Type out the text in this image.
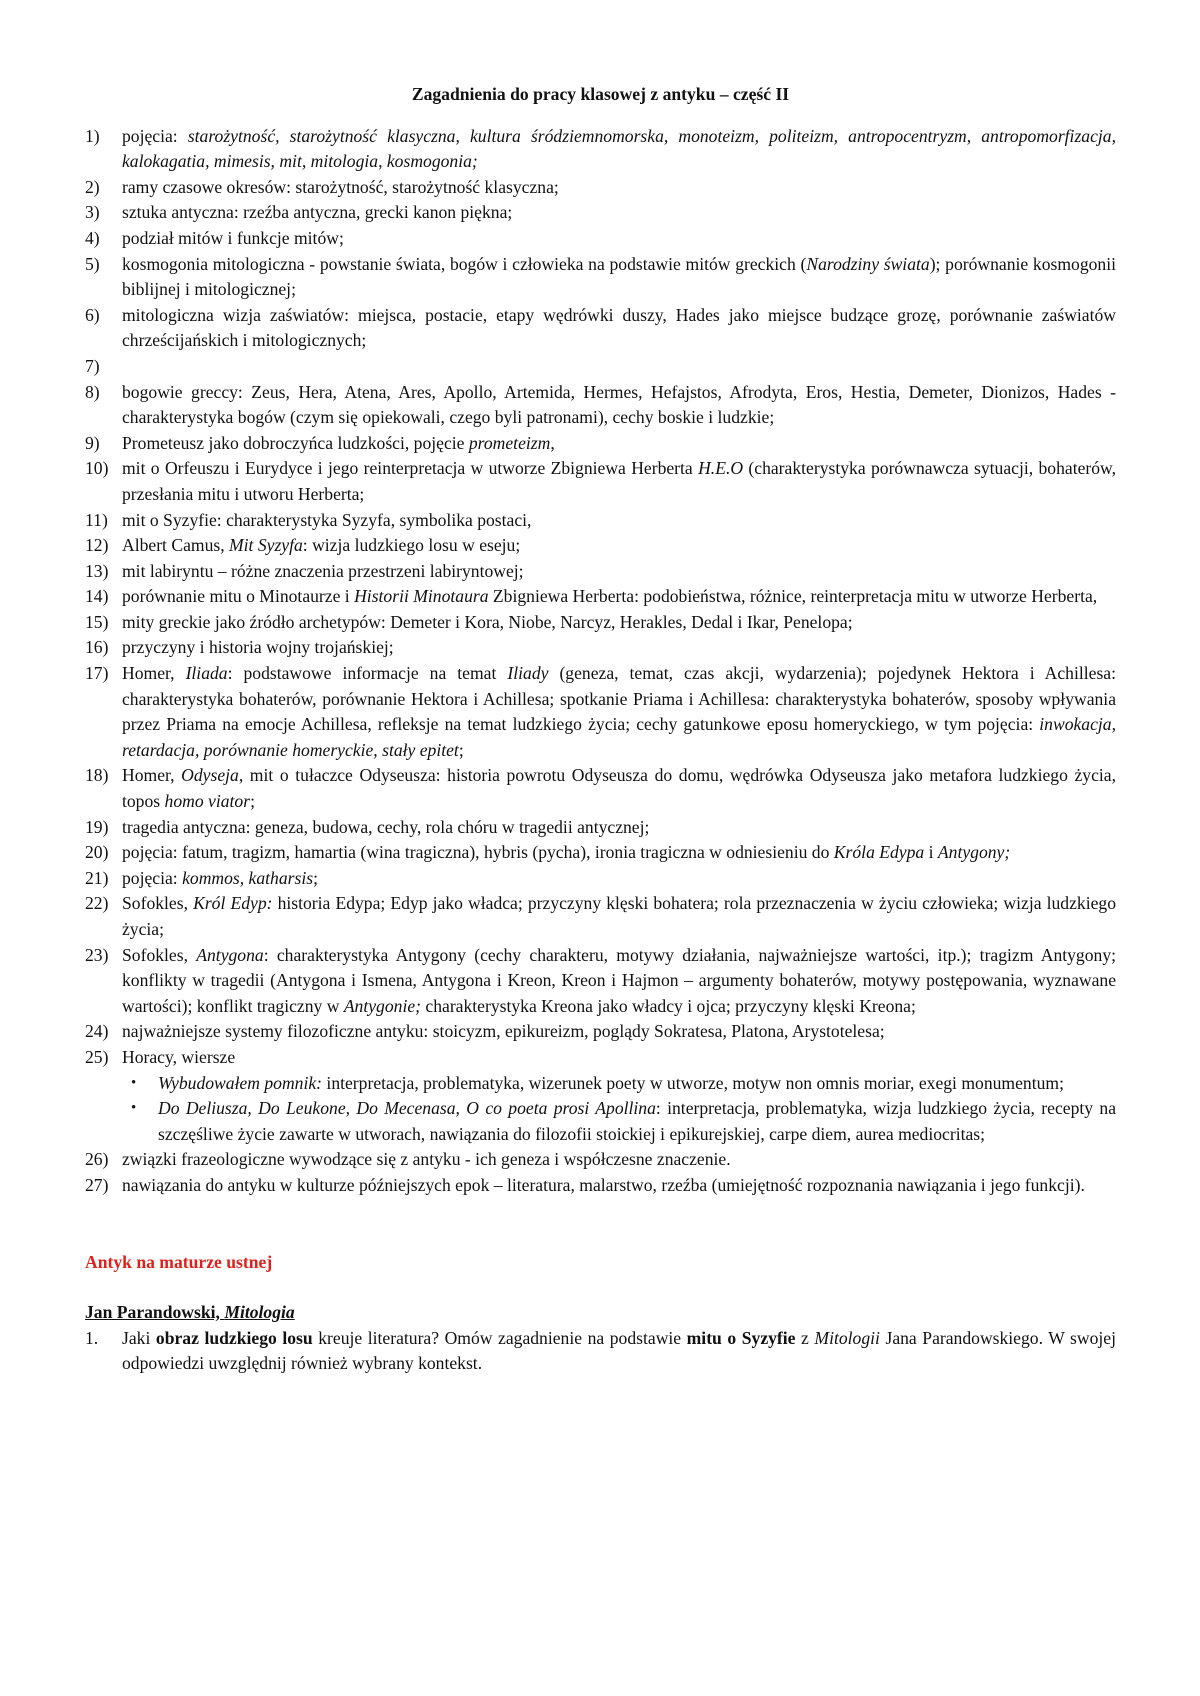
Zagadnienia do pracy klasowej z antyku – część II
1) pojęcia: starożytność, starożytność klasyczna, kultura śródziemnomorska, monoteizm, politeizm, antropocentryzm, antropomorfizacja, kalokagatia, mimesis, mit, mitologia, kosmogonia;
2) ramy czasowe okresów: starożytność, starożytność klasyczna;
3) sztuka antyczna: rzeźba antyczna, grecki kanon piękna;
4) podział mitów i funkcje mitów;
5) kosmogonia mitologiczna - powstanie świata, bogów i człowieka na podstawie mitów greckich (Narodziny świata); porównanie kosmogonii biblijnej i mitologicznej;
6) mitologiczna wizja zaświatów: miejsca, postacie, etapy wędrówki duszy, Hades jako miejsce budzące grozę, porównanie zaświatów chrześcijańskich i mitologicznych;
7)
8) bogowie greccy: Zeus, Hera, Atena, Ares, Apollo, Artemida, Hermes, Hefajstos, Afrodyta, Eros, Hestia, Demeter, Dionizos, Hades - charakterystyka bogów (czym się opiekowali, czego byli patronami), cechy boskie i ludzkie;
9) Prometeusz jako dobroczyńca ludzkości, pojęcie prometeizm,
10) mit o Orfeuszu i Eurydyce i jego reinterpretacja w utworze Zbigniewa Herberta H.E.O (charakterystyka porównawcza sytuacji, bohaterów, przesłania mitu i utworu Herberta;
11) mit o Syzyfie: charakterystyka Syzyfa, symbolika postaci,
12) Albert Camus, Mit Syzyfa: wizja ludzkiego losu w eseju;
13) mit labiryntu – różne znaczenia przestrzeni labiryntowej;
14) porównanie mitu o Minotaurze i Historii Minotaura Zbigniewa Herberta: podobieństwa, różnice, reinterpretacja mitu w utworze Herberta,
15) mity greckie jako źródło archetypów: Demeter i Kora, Niobe, Narcyz, Herakles, Dedal i Ikar, Penelopa;
16) przyczyny i historia wojny trojańskiej;
17) Homer, Iliada: podstawowe informacje na temat Iliady (geneza, temat, czas akcji, wydarzenia); pojedynek Hektora i Achillesa: charakterystyka bohaterów, porównanie Hektora i Achillesa; spotkanie Priama i Achillesa: charakterystyka bohaterów, sposoby wpływania przez Priama na emocje Achillesa, refleksje na temat ludzkiego życia; cechy gatunkowe eposu homeryckiego, w tym pojęcia: inwokacja, retardacja, porównanie homeryckie, stały epitet;
18) Homer, Odyseja, mit o tułaczce Odyseusza: historia powrotu Odyseusza do domu, wędrówka Odyseusza jako metafora ludzkiego życia, topos homo viator;
19) tragedia antyczna: geneza, budowa, cechy, rola chóru w tragedii antycznej;
20) pojęcia: fatum, tragizm, hamartia (wina tragiczna), hybris (pycha), ironia tragiczna w odniesieniu do Króla Edypa i Antygony;
21) pojęcia: kommos, katharsis;
22) Sofokles, Król Edyp: historia Edypa; Edyp jako władca; przyczyny klęski bohatera; rola przeznaczenia w życiu człowieka; wizja ludzkiego życia;
23) Sofokles, Antygona: charakterystyka Antygony (cechy charakteru, motywy działania, najważniejsze wartości, itp.); tragizm Antygony; konflikty w tragedii (Antygona i Ismena, Antygona i Kreon, Kreon i Hajmon – argumenty bohaterów, motywy postępowania, wyznawane wartości); konflikt tragiczny w Antygonie; charakterystyka Kreona jako władcy i ojca; przyczyny klęski Kreona;
24) najważniejsze systemy filozoficzne antyku: stoicyzm, epikureizm, poglądy Sokratesa, Platona, Arystotelesa;
25) Horacy, wiersze
• Wybudowałem pomnik: interpretacja, problematyka, wizerunek poety w utworze, motyw non omnis moriar, exegi monumentum;
• Do Deliusza, Do Leukone, Do Mecenasa, O co poeta prosi Apollina: interpretacja, problematyka, wizja ludzkiego życia, recepty na szczęśliwe życie zawarte w utworach, nawiązania do filozofii stoickiej i epikurejskiej, carpe diem, aurea mediocritas;
26) związki frazeologiczne wywodzące się z antyku - ich geneza i współczesne znaczenie.
27) nawiązania do antyku w kulturze późniejszych epok – literatura, malarstwo, rzeźba (umiejętność rozpoznania nawiązania i jego funkcji).
Antyk na maturze ustnej
Jan Parandowski, Mitologia
1. Jaki obraz ludzkiego losu kreuje literatura? Omów zagadnienie na podstawie mitu o Syzyfie z Mitologii Jana Parandowskiego. W swojej odpowiedzi uwzględnij również wybrany kontekst.
